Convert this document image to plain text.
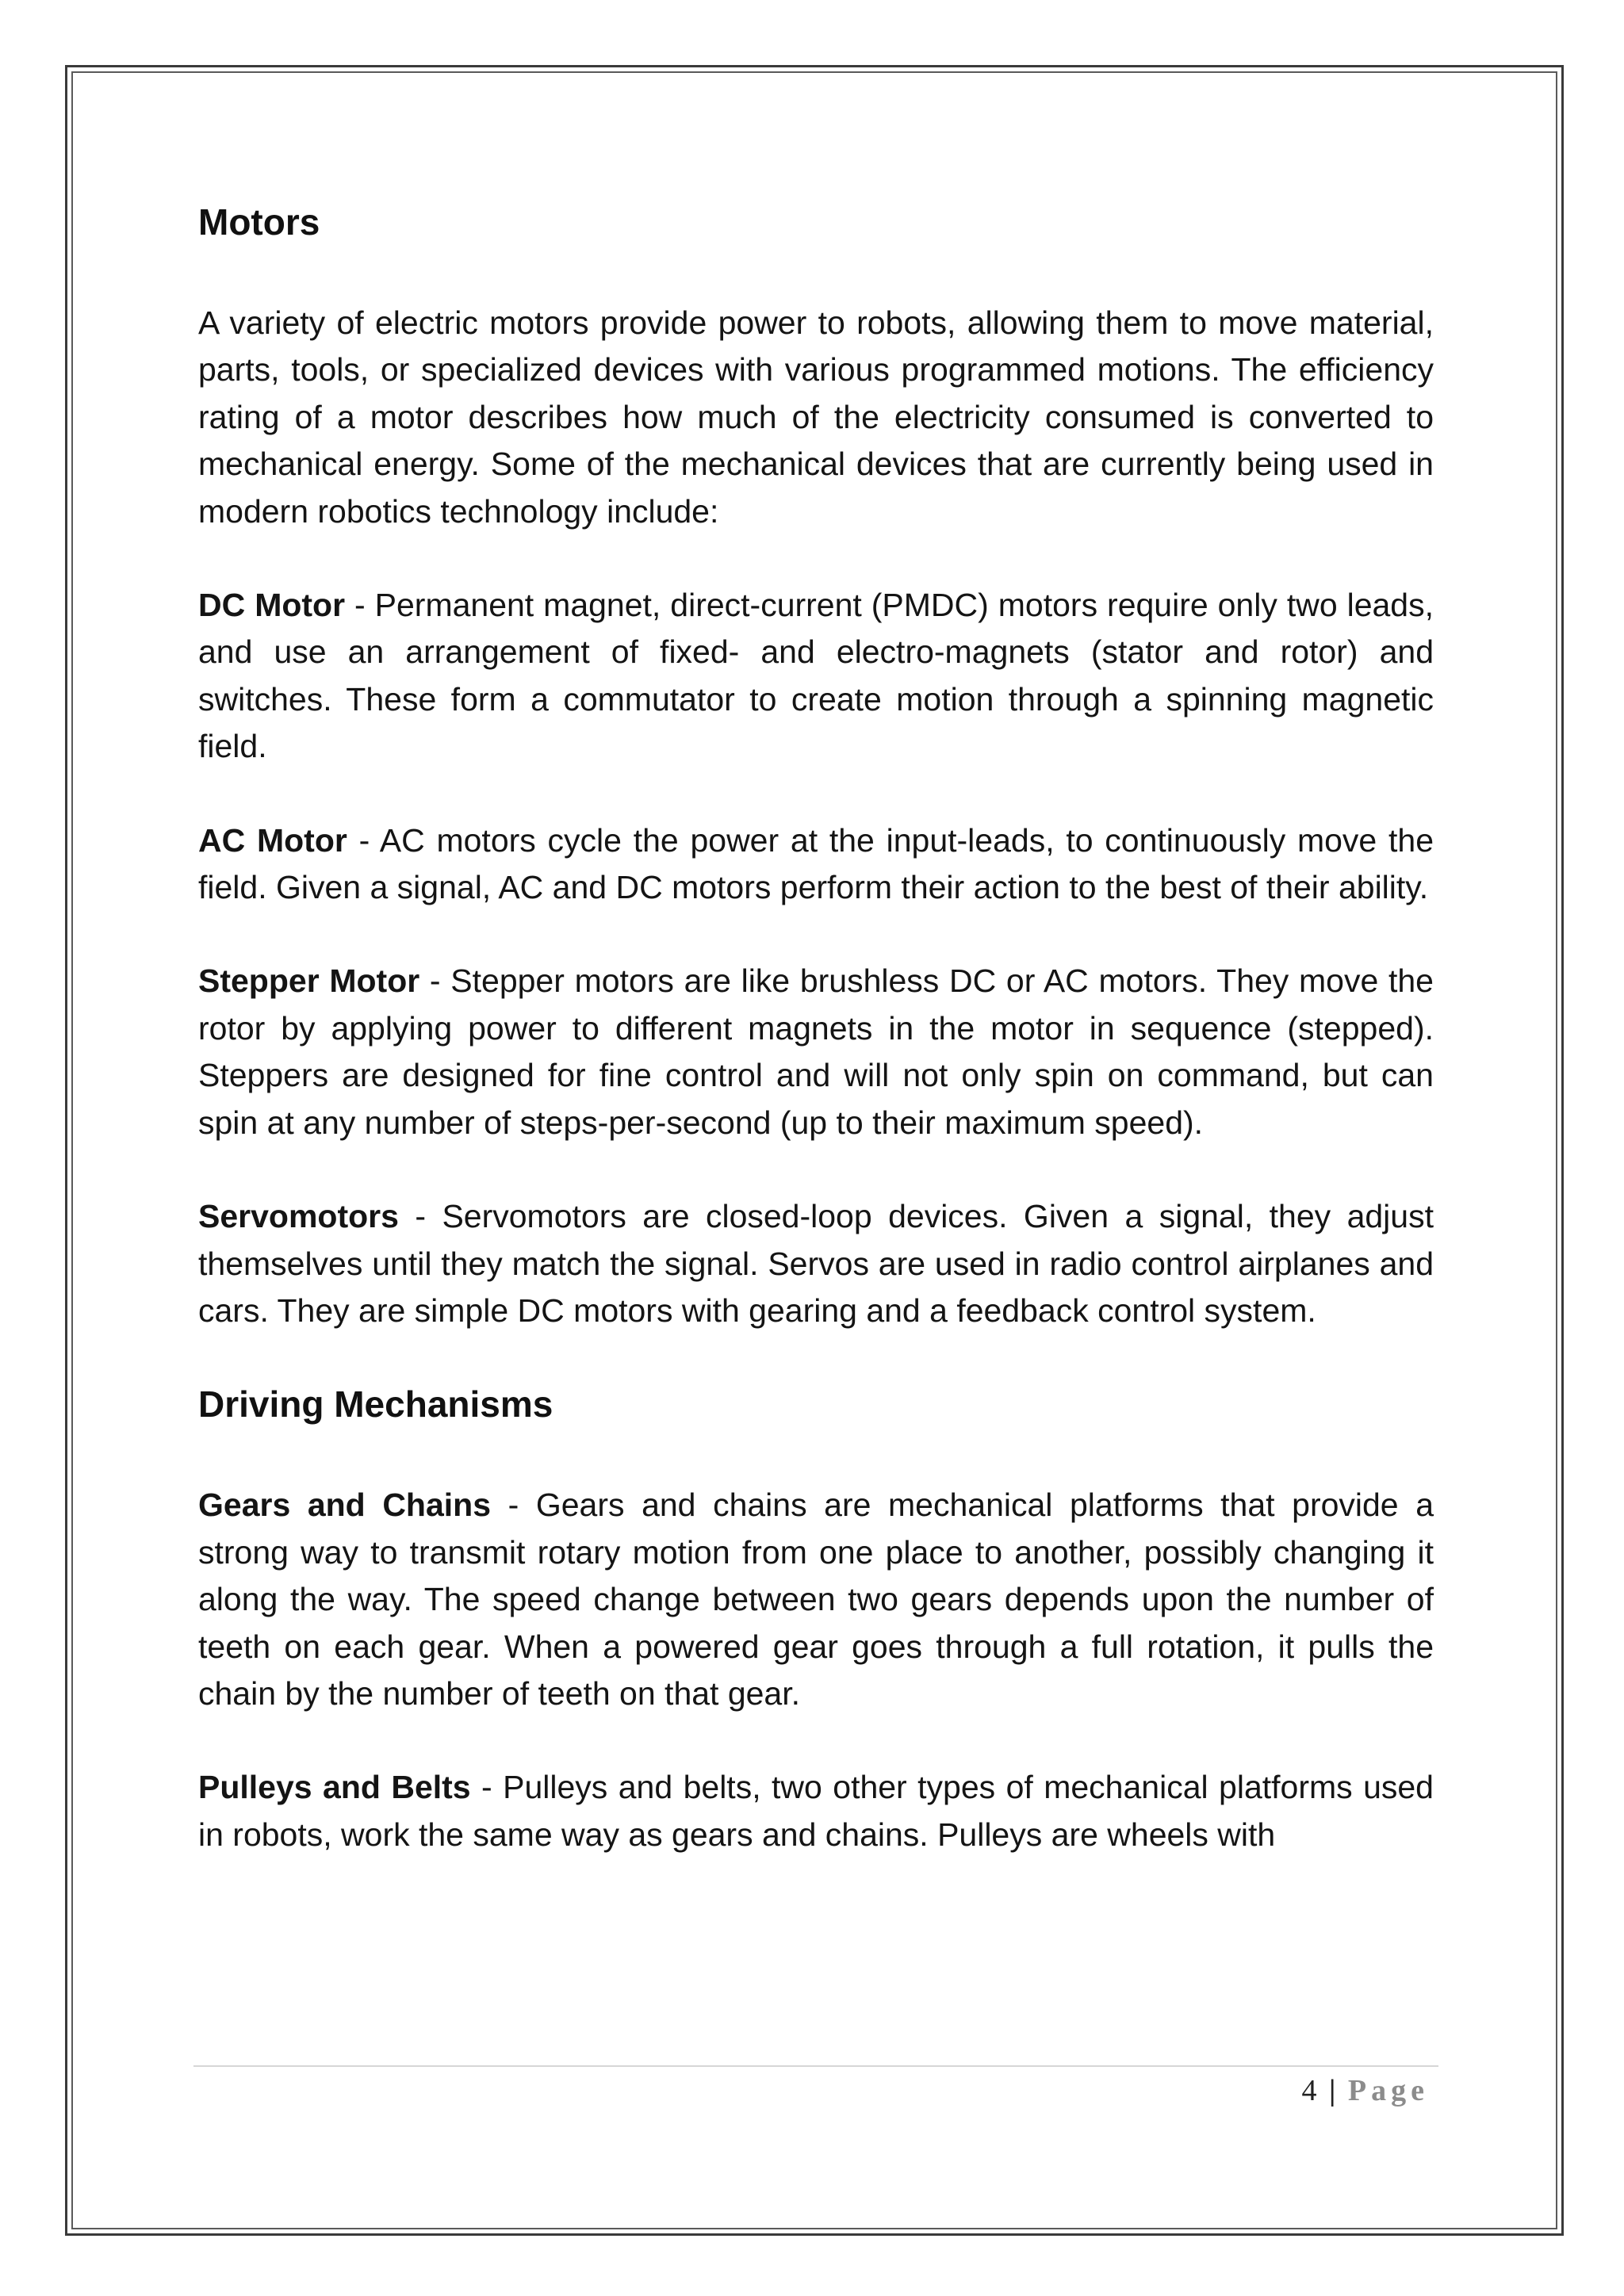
Motors

A variety of electric motors provide power to robots, allowing them to move material, parts, tools, or specialized devices with various programmed motions. The efficiency rating of a motor describes how much of the electricity consumed is converted to mechanical energy. Some of the mechanical devices that are currently being used in modern robotics technology include:

DC Motor - Permanent magnet, direct-current (PMDC) motors require only two leads, and use an arrangement of fixed- and electro-magnets (stator and rotor) and switches. These form a commutator to create motion through a spinning magnetic field.

AC Motor - AC motors cycle the power at the input-leads, to continuously move the field. Given a signal, AC and DC motors perform their action to the best of their ability.

Stepper Motor - Stepper motors are like brushless DC or AC motors. They move the rotor by applying power to different magnets in the motor in sequence (stepped). Steppers are designed for fine control and will not only spin on command, but can spin at any number of steps-per-second (up to their maximum speed).

Servomotors - Servomotors are closed-loop devices. Given a signal, they adjust themselves until they match the signal. Servos are used in radio control airplanes and cars. They are simple DC motors with gearing and a feedback control system.

Driving Mechanisms

Gears and Chains - Gears and chains are mechanical platforms that provide a strong way to transmit rotary motion from one place to another, possibly changing it along the way. The speed change between two gears depends upon the number of teeth on each gear. When a powered gear goes through a full rotation, it pulls the chain by the number of teeth on that gear.

Pulleys and Belts - Pulleys and belts, two other types of mechanical platforms used in robots, work the same way as gears and chains. Pulleys are wheels with

4 | Page
